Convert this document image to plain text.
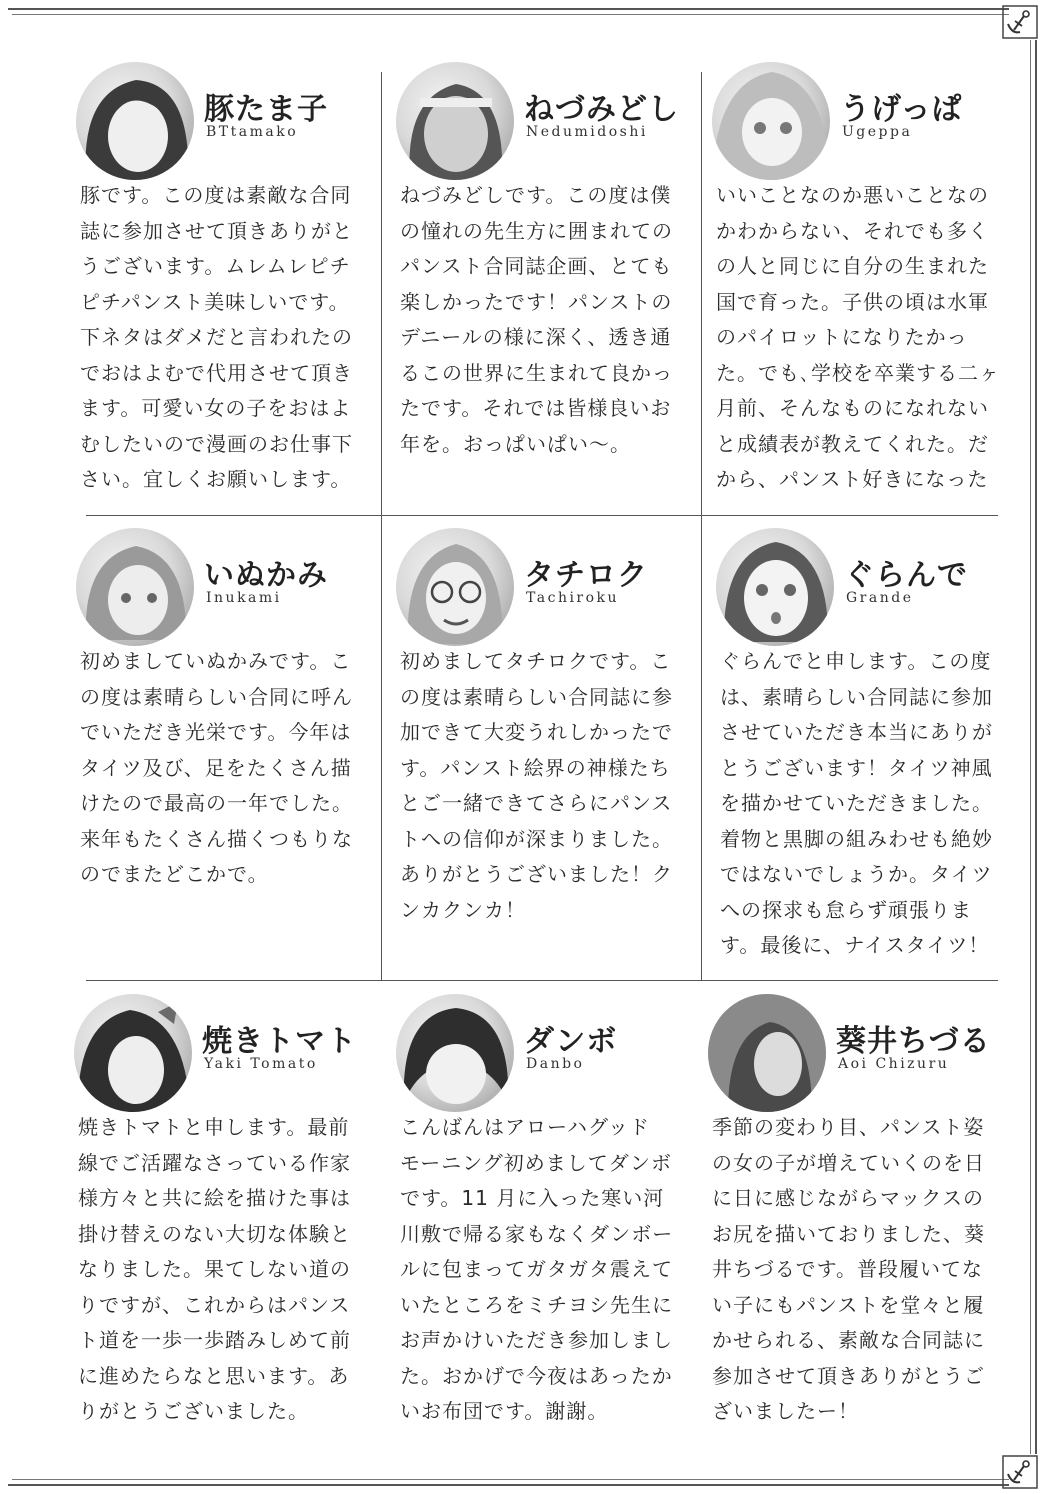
豚たま子
BTtamako
豚です。この度は素敵な合同
誌に参加させて頂きありがと
うございます。ムレムレピチ
ピチパンスト美味しいです。
下ネタはダメだと言われたの
でおはよむで代用させて頂き
ます。可愛い女の子をおはよ
むしたいので漫画のお仕事下
さい。宜しくお願いします。
ねづみどし
Nedumidoshi
ねづみどしです。この度は僕
の憧れの先生方に囲まれての
パンスト合同誌企画、とても
楽しかったです！パンストの
デニールの様に深く、透き通
るこの世界に生まれて良かっ
たです。それでは皆様良いお
年を。おっぱいぱい〜。
うげっぱ
Ugeppa
いいことなのか悪いことなの
かわからない、それでも多く
の人と同じに自分の生まれた
国で育った。子供の頃は水軍
のパイロットになりたかっ
た。でも､学校を卒業する二ヶ
月前、そんなものになれない
と成績表が教えてくれた。だ
から、パンスト好きになった
いぬかみ
Inukami
初めましていぬかみです。こ
の度は素晴らしい合同に呼ん
でいただき光栄です。今年は
タイツ及び、足をたくさん描
けたので最高の一年でした。
来年もたくさん描くつもりな
のでまたどこかで。
タチロク
Tachiroku
初めましてタチロクです。こ
の度は素晴らしい合同誌に参
加できて大変うれしかったで
す。パンスト絵界の神様たち
とご一緒できてさらにパンス
トへの信仰が深まりました。
ありがとうございました！ク
ンカクンカ！
ぐらんで
Grande
ぐらんでと申します。この度
は、素晴らしい合同誌に参加
させていただき本当にありが
とうございます！タイツ神風
を描かせていただきました。
着物と黒脚の組みわせも絶妙
ではないでしょうか。タイツ
への探求も怠らず頑張りま
す。最後に、ナイスタイツ！
焼きトマト
Yaki Tomato
焼きトマトと申します。最前
線でご活躍なさっている作家
様方々と共に絵を描けた事は
掛け替えのない大切な体験と
なりました。果てしない道の
りですが、これからはパンス
ト道を一歩一歩踏みしめて前
に進めたらなと思います。あ
りがとうございました。
ダンボ
Danbo
こんばんはアローハグッド
モーニング初めましてダンボ
です。11 月に入った寒い河
川敷で帰る家もなくダンボー
ルに包まってガタガタ震えて
いたところをミチヨシ先生に
お声かけいただき参加しまし
た。おかげで今夜はあったか
いお布団です。謝謝。
葵井ちづる
Aoi Chizuru
季節の変わり目、パンスト姿
の女の子が増えていくのを日
に日に感じながらマックスの
お尻を描いておりました、葵
井ちづるです。普段履いてな
い子にもパンストを堂々と履
かせられる、素敵な合同誌に
参加させて頂きありがとうご
ざいましたー！
